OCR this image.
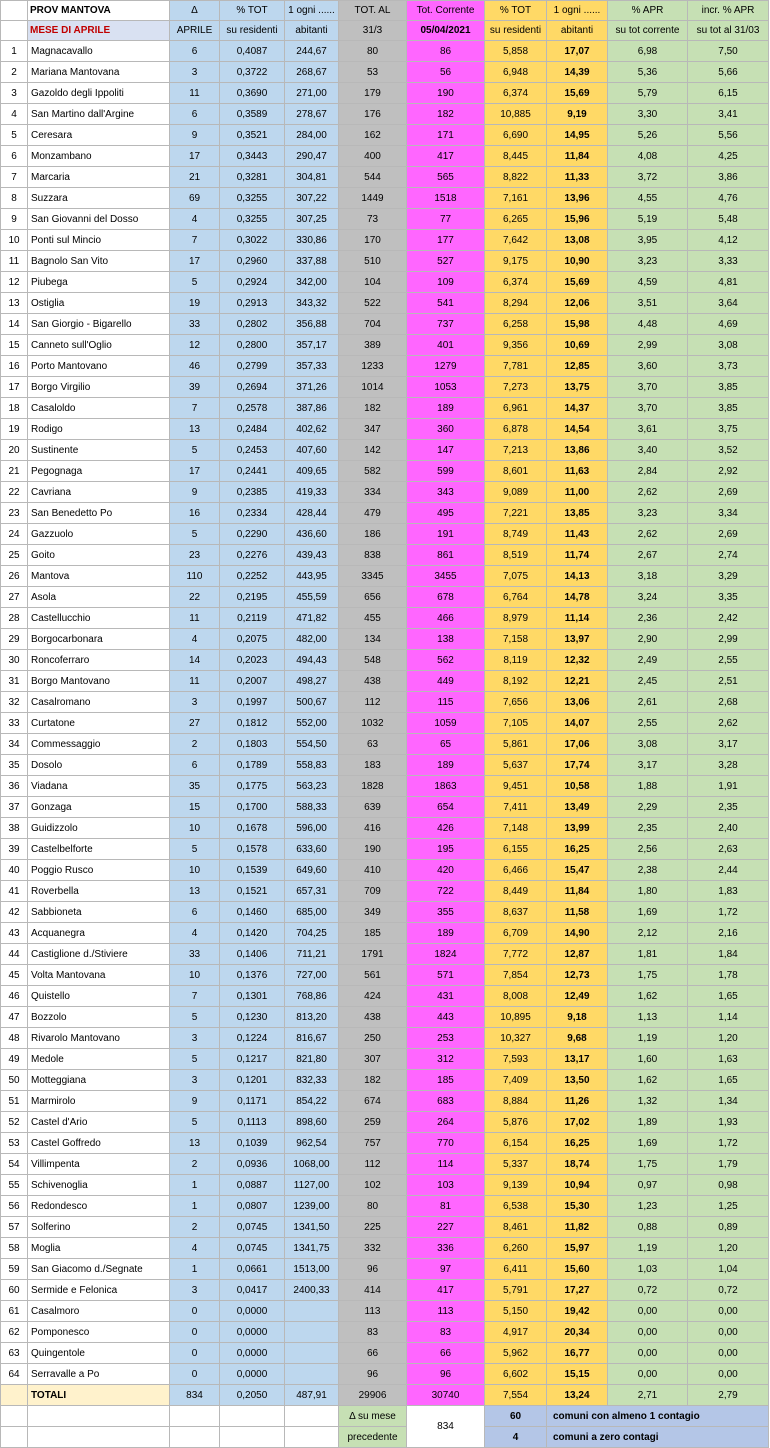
	PROV MANTOVA	Δ	% TOT	1 ogni ......	TOT. AL	Tot. Corrente	% TOT	1 ogni ......	% APR	incr. % APR
	MESE DI APRILE	APRILE	su residenti	abitanti	31/3	05/04/2021	su residenti	abitanti	su tot corrente	su tot al 31/03
1	Magnacavallo	6	0,4087	244,67	80	86	5,858	17,07	6,98	7,50
2	Mariana Mantovana	3	0,3722	268,67	53	56	6,948	14,39	5,36	5,66
3	Gazoldo degli Ippoliti	11	0,3690	271,00	179	190	6,374	15,69	5,79	6,15
4	San Martino dall'Argine	6	0,3589	278,67	176	182	10,885	9,19	3,30	3,41
5	Ceresara	9	0,3521	284,00	162	171	6,690	14,95	5,26	5,56
6	Monzambano	17	0,3443	290,47	400	417	8,445	11,84	4,08	4,25
7	Marcaria	21	0,3281	304,81	544	565	8,822	11,33	3,72	3,86
8	Suzzara	69	0,3255	307,22	1449	1518	7,161	13,96	4,55	4,76
9	San Giovanni del Dosso	4	0,3255	307,25	73	77	6,265	15,96	5,19	5,48
10	Ponti sul Mincio	7	0,3022	330,86	170	177	7,642	13,08	3,95	4,12
11	Bagnolo San Vito	17	0,2960	337,88	510	527	9,175	10,90	3,23	3,33
12	Piubega	5	0,2924	342,00	104	109	6,374	15,69	4,59	4,81
13	Ostiglia	19	0,2913	343,32	522	541	8,294	12,06	3,51	3,64
14	San Giorgio - Bigarello	33	0,2802	356,88	704	737	6,258	15,98	4,48	4,69
15	Canneto sull'Oglio	12	0,2800	357,17	389	401	9,356	10,69	2,99	3,08
16	Porto Mantovano	46	0,2799	357,33	1233	1279	7,781	12,85	3,60	3,73
17	Borgo Virgilio	39	0,2694	371,26	1014	1053	7,273	13,75	3,70	3,85
18	Casaloldo	7	0,2578	387,86	182	189	6,961	14,37	3,70	3,85
19	Rodigo	13	0,2484	402,62	347	360	6,878	14,54	3,61	3,75
20	Sustinente	5	0,2453	407,60	142	147	7,213	13,86	3,40	3,52
21	Pegognaga	17	0,2441	409,65	582	599	8,601	11,63	2,84	2,92
22	Cavriana	9	0,2385	419,33	334	343	9,089	11,00	2,62	2,69
23	San Benedetto Po	16	0,2334	428,44	479	495	7,221	13,85	3,23	3,34
24	Gazzuolo	5	0,2290	436,60	186	191	8,749	11,43	2,62	2,69
25	Goito	23	0,2276	439,43	838	861	8,519	11,74	2,67	2,74
26	Mantova	110	0,2252	443,95	3345	3455	7,075	14,13	3,18	3,29
27	Asola	22	0,2195	455,59	656	678	6,764	14,78	3,24	3,35
28	Castellucchio	11	0,2119	471,82	455	466	8,979	11,14	2,36	2,42
29	Borgocarbonara	4	0,2075	482,00	134	138	7,158	13,97	2,90	2,99
30	Roncoferraro	14	0,2023	494,43	548	562	8,119	12,32	2,49	2,55
31	Borgo Mantovano	11	0,2007	498,27	438	449	8,192	12,21	2,45	2,51
32	Casalromano	3	0,1997	500,67	112	115	7,656	13,06	2,61	2,68
33	Curtatone	27	0,1812	552,00	1032	1059	7,105	14,07	2,55	2,62
34	Commessaggio	2	0,1803	554,50	63	65	5,861	17,06	3,08	3,17
35	Dosolo	6	0,1789	558,83	183	189	5,637	17,74	3,17	3,28
36	Viadana	35	0,1775	563,23	1828	1863	9,451	10,58	1,88	1,91
37	Gonzaga	15	0,1700	588,33	639	654	7,411	13,49	2,29	2,35
38	Guidizzolo	10	0,1678	596,00	416	426	7,148	13,99	2,35	2,40
39	Castelbelforte	5	0,1578	633,60	190	195	6,155	16,25	2,56	2,63
40	Poggio Rusco	10	0,1539	649,60	410	420	6,466	15,47	2,38	2,44
41	Roverbella	13	0,1521	657,31	709	722	8,449	11,84	1,80	1,83
42	Sabbioneta	6	0,1460	685,00	349	355	8,637	11,58	1,69	1,72
43	Acquanegra	4	0,1420	704,25	185	189	6,709	14,90	2,12	2,16
44	Castiglione d./Stiviere	33	0,1406	711,21	1791	1824	7,772	12,87	1,81	1,84
45	Volta Mantovana	10	0,1376	727,00	561	571	7,854	12,73	1,75	1,78
46	Quistello	7	0,1301	768,86	424	431	8,008	12,49	1,62	1,65
47	Bozzolo	5	0,1230	813,20	438	443	10,895	9,18	1,13	1,14
48	Rivarolo Mantovano	3	0,1224	816,67	250	253	10,327	9,68	1,19	1,20
49	Medole	5	0,1217	821,80	307	312	7,593	13,17	1,60	1,63
50	Motteggiana	3	0,1201	832,33	182	185	7,409	13,50	1,62	1,65
51	Marmirolo	9	0,1171	854,22	674	683	8,884	11,26	1,32	1,34
52	Castel d'Ario	5	0,1113	898,60	259	264	5,876	17,02	1,89	1,93
53	Castel Goffredo	13	0,1039	962,54	757	770	6,154	16,25	1,69	1,72
54	Villimpenta	2	0,0936	1068,00	112	114	5,337	18,74	1,75	1,79
55	Schivenoglia	1	0,0887	1127,00	102	103	9,139	10,94	0,97	0,98
56	Redondesco	1	0,0807	1239,00	80	81	6,538	15,30	1,23	1,25
57	Solferino	2	0,0745	1341,50	225	227	8,461	11,82	0,88	0,89
58	Moglia	4	0,0745	1341,75	332	336	6,260	15,97	1,19	1,20
59	San Giacomo d./Segnate	1	0,0661	1513,00	96	97	6,411	15,60	1,03	1,04
60	Sermide e Felonica	3	0,0417	2400,33	414	417	5,791	17,27	0,72	0,72
61	Casalmoro	0	0,0000		113	113	5,150	19,42	0,00	0,00
62	Pomponesco	0	0,0000		83	83	4,917	20,34	0,00	0,00
63	Quingentole	0	0,0000		66	66	5,962	16,77	0,00	0,00
64	Serravalle a Po	0	0,0000		96	96	6,602	15,15	0,00	0,00
	TOTALI	834	0,2050	487,91	29906	30740	7,554	13,24	2,71	2,79
					Δ su mese	834	60	comuni con almeno 1 contagio		
					precedente		4	comuni a zero contagi		
